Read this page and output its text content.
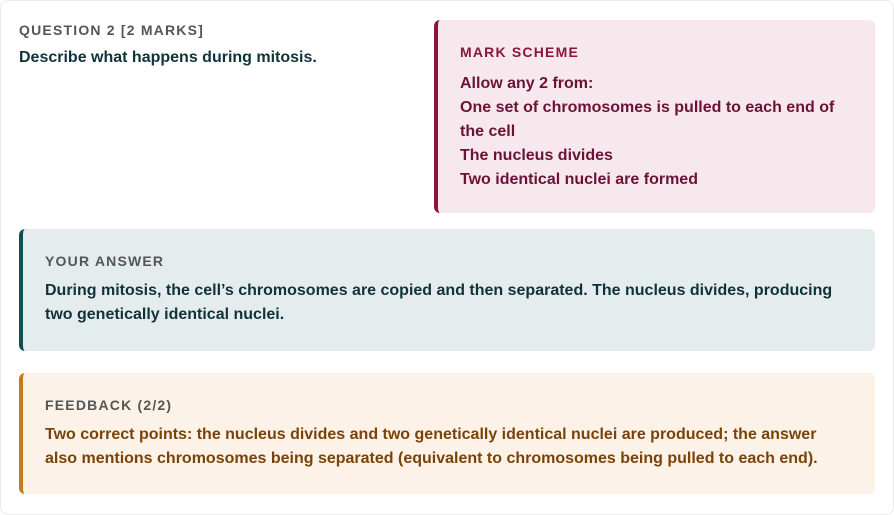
QUESTION 2 [2 MARKS]
Describe what happens during mitosis.	MARK SCHEME
Allow any 2 from:
One set of chromosomes is pulled to each end of the cell
The nucleus divides
Two identical nuclei are formed
YOUR ANSWER
During mitosis, the cell’s chromosomes are copied and then separated. The nucleus divides, producing two genetically identical nuclei.
FEEDBACK (2/2)
Two correct points: the nucleus divides and two genetically identical nuclei are produced; the answer also mentions chromosomes being separated (equivalent to chromosomes being pulled to each end).
